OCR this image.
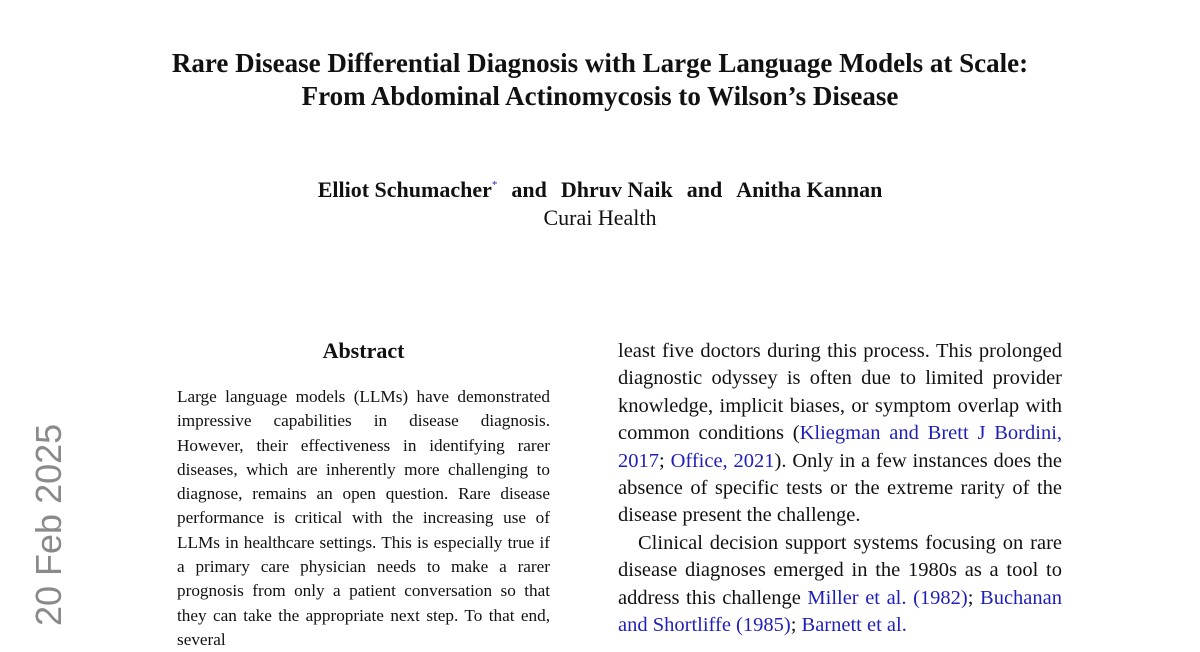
20 Feb 2025
Rare Disease Differential Diagnosis with Large Language Models at Scale:
From Abdominal Actinomycosis to Wilson’s Disease
Elliot Schumacher* and Dhruv Naik and Anitha Kannan
Curai Health
Abstract

Large language models (LLMs) have demonstrated impressive capabilities in disease diagnosis. However, their effectiveness in identifying rarer diseases, which are inherently more challenging to diagnose, remains an open question. Rare disease performance is critical with the increasing use of LLMs in healthcare settings. This is especially true if a primary care physician needs to make a rarer prognosis from only a patient conversation so that they can take the appropriate next step. To that end, several

least five doctors during this process. This prolonged diagnostic odyssey is often due to limited provider knowledge, implicit biases, or symptom overlap with common conditions (Kliegman and Brett J Bordini, 2017; Office, 2021). Only in a few instances does the absence of specific tests or the extreme rarity of the disease present the challenge.

Clinical decision support systems focusing on rare disease diagnoses emerged in the 1980s as a tool to address this challenge Miller et al. (1982); Buchanan and Shortliffe (1985); Barnett et al.
